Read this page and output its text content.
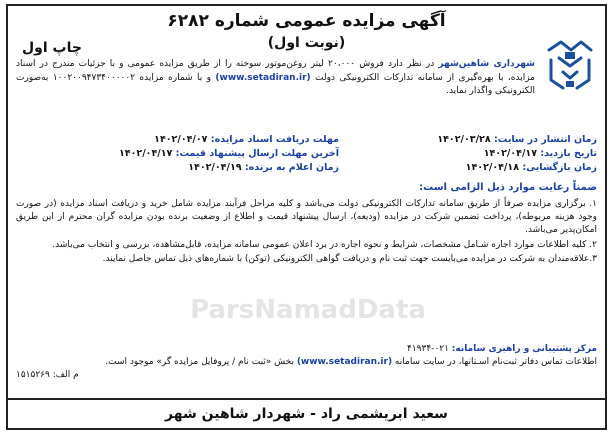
آگهی مزایده عمومی شماره ۶۲۸۲
(نوبت اول)
چاپ اول

شهرداری شاهین‌شهر در نظر دارد فروش ۲۰،۰۰۰ لیتر روغن‌موتور سوخته را از طریق مزایده عمومی و با جزئیات مندرج در اسناد مزایده، با بهره‌گیری از سامانه تدارکات الکترونیکی دولت (www.setadiran.ir) و با شماره مزایده ۱۰۰۲۰۰۹۴۷۳۴۰۰۰۰۰۲ به‌صورت الکترونیکی واگذار نماید.

زمان انتشار در سایت: ۱۴۰۲/۰۳/۲۸
مهلت دریافت اسناد مزایده: ۱۴۰۲/۰۴/۰۷
تاریخ بازدید: ۱۴۰۲/۰۴/۱۷
آخرین مهلت ارسال پیشنهاد قیمت: ۱۴۰۲/۰۴/۱۷
زمان بازگشایی: ۱۴۰۲/۰۴/۱۸
زمان اعلام به برنده: ۱۴۰۲/۰۴/۱۹
ضمناً رعایت موارد ذیل الزامی است:
ParsNamadData

۱. برگزاری مزایده صرفاً از طریق سامانه تدارکات الکترونیکی دولت می‌باشد و کلیه مراحل فرآیند مزایده شامل خرید و دریافت اسناد مزایده (در صورت وجود هزینه مربوطه)، پرداخت تضمین شرکت در مزایده (ودیعه)، ارسال پیشنهاد قیمت و اطلاع از وضعیت برنده بودن مزایده گران محترم از این طریق امکان‌پذیر می‌باشد.

۲. کلیه اطلاعات موارد اجاره شـامل مشخصات، شرایط و نحوه اجاره در برد اعلان عمومی سامانه مزایده، قابل‌مشاهده، بررسی و انتخاب می‌باشد.

۳.علاقه‌مندان به شرکت در مزایده می‌بایست جهت ثبت نام و دریافت گواهی الکترونیکی (توکن) با شماره‌های ذیل تماس حاصل نمایند.

مرکز پشتیبانی و راهبری سامانه: ۰۲۱-۴۱۹۳۴

اطلاعات تماس دفاتر ثبت‌نام اسـتانها، در سایت سامانه (www.setadiran.ir) بخش «ثبت نام / پروفایل مزایده گر» موجود است.

م الف: ۱۵۱۵۲۶۹

سعید ابریشمی راد - شهردار شاهین شهر
